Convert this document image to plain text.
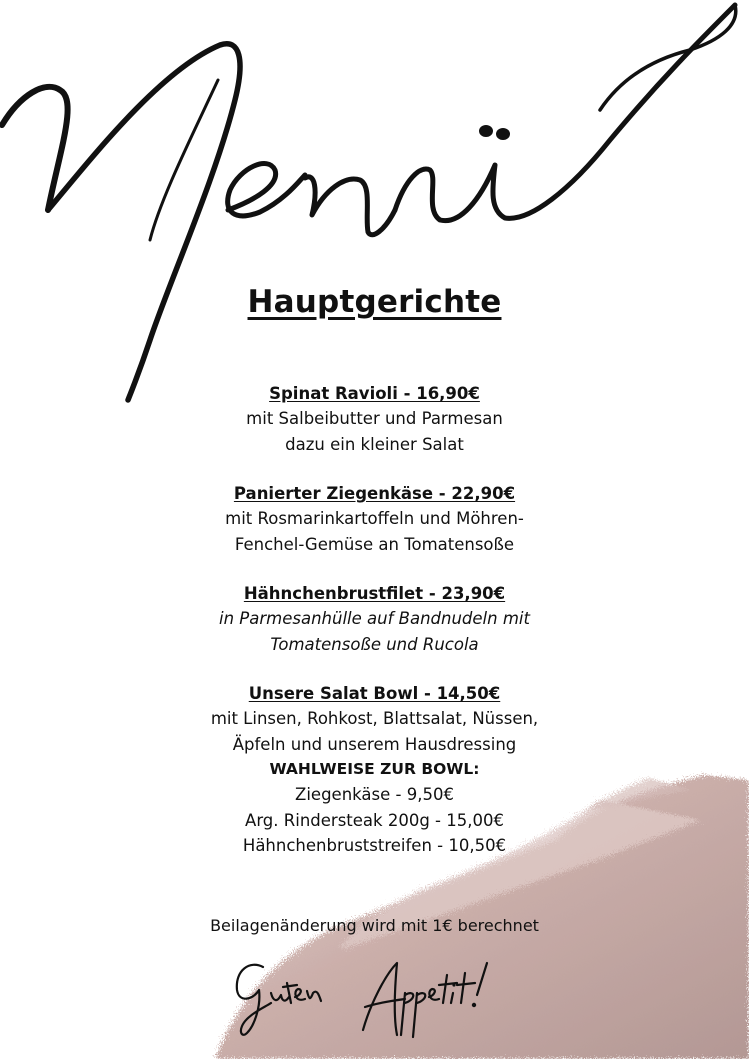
Hauptgerichte
Spinat Ravioli - 16,90€
mit Salbeibutter und Parmesan
dazu ein kleiner Salat
Panierter Ziegenkäse - 22,90€
mit Rosmarinkartoffeln und Möhren-
Fenchel-Gemüse an Tomatensoße
Hähnchenbrustfilet - 23,90€
in Parmesanhülle auf Bandnudeln mit
Tomatensoße und Rucola
Unsere Salat Bowl - 14,50€
mit Linsen, Rohkost, Blattsalat, Nüssen,
Äpfeln und unserem Hausdressing
WAHLWEISE ZUR BOWL:
Ziegenkäse - 9,50€
Arg. Rindersteak 200g - 15,00€
Hähnchenbruststreifen - 10,50€
Beilagenänderung wird mit 1€ berechnet
